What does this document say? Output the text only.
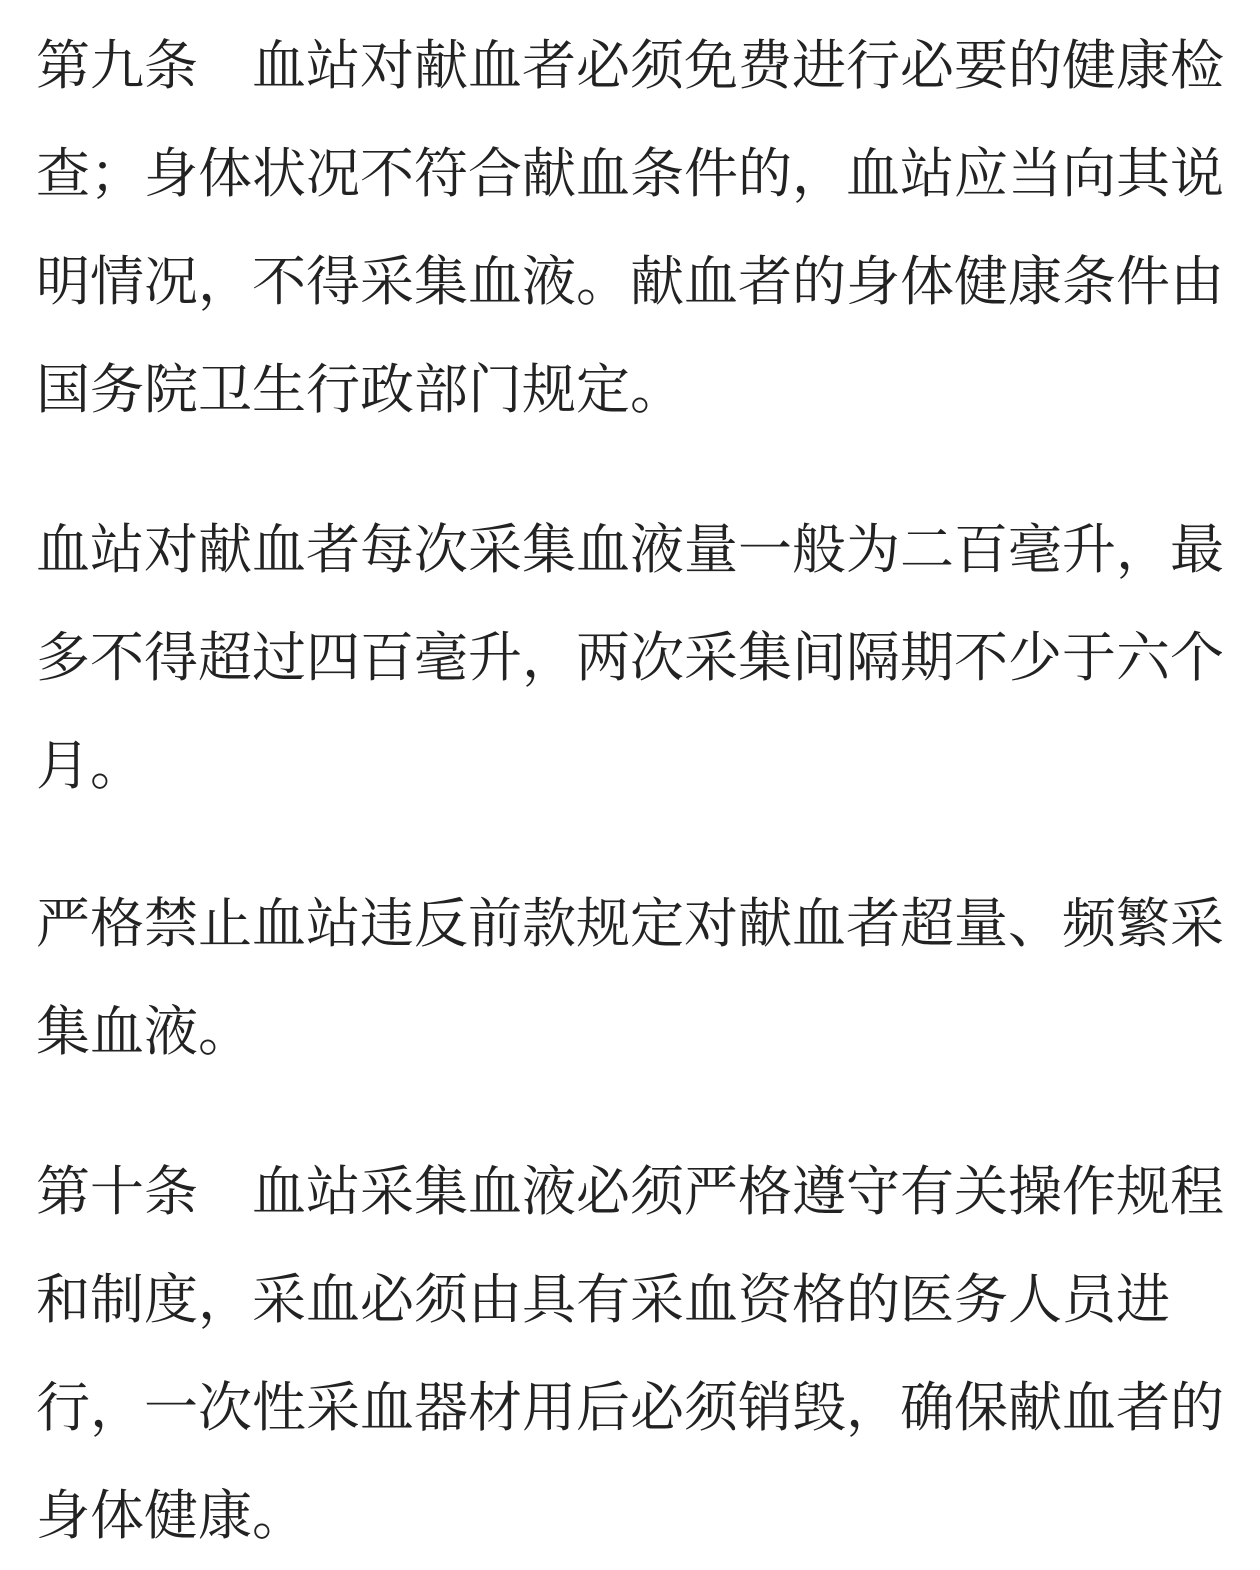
第九条　血站对献血者必须免费进行必要的健康检
查；身体状况不符合献血条件的，血站应当向其说
明情况，不得采集血液。献血者的身体健康条件由
国务院卫生行政部门规定。

血站对献血者每次采集血液量一般为二百毫升，最
多不得超过四百毫升，两次采集间隔期不少于六个
月。

严格禁止血站违反前款规定对献血者超量、频繁采
集血液。

第十条　血站采集血液必须严格遵守有关操作规程
和制度，采血必须由具有采血资格的医务人员进
行，一次性采血器材用后必须销毁，确保献血者的
身体健康。
